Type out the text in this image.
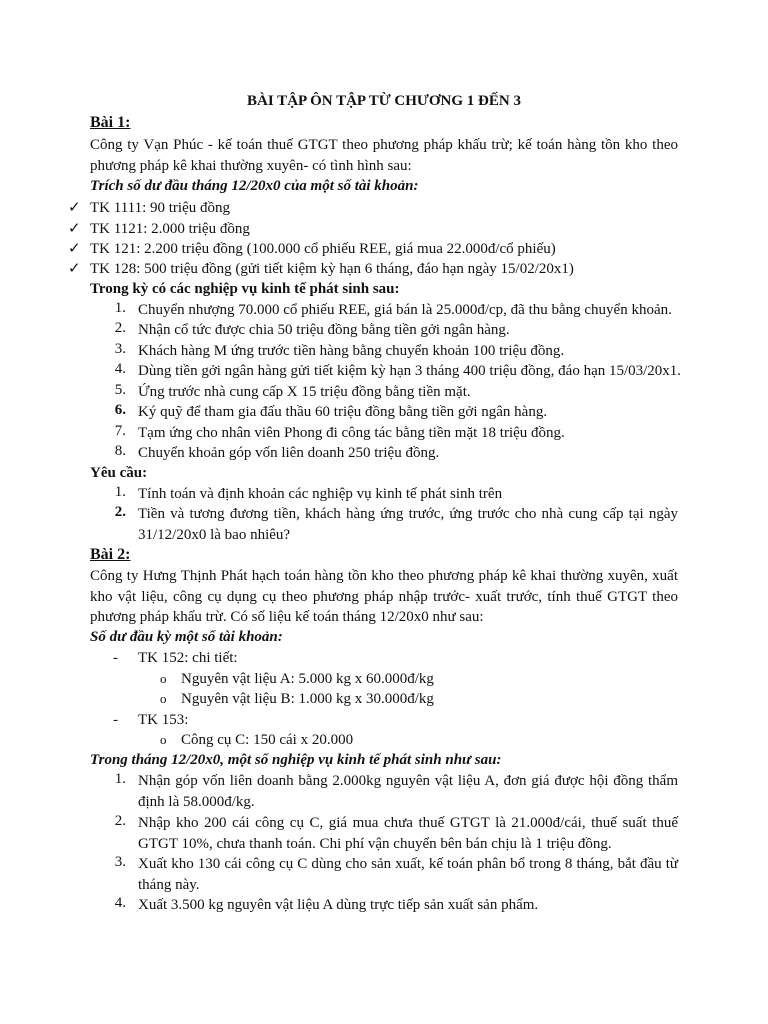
BÀI TẬP ÔN TẬP TỪ CHƯƠNG 1 ĐẾN 3
Bài 1:
Công ty Vạn Phúc - kế toán thuế GTGT theo phương pháp khấu trừ; kế toán hàng tồn kho theo phương pháp kê khai thường xuyên- có tình hình sau:
Trích số dư đầu tháng 12/20x0 của một số tài khoản:
✓ TK 1111: 90 triệu đồng
✓ TK 1121: 2.000 triệu đồng
✓ TK 121: 2.200 triệu đồng (100.000 cổ phiếu REE, giá mua 22.000đ/cổ phiếu)
✓ TK 128: 500 triệu đồng (gửi tiết kiệm kỳ hạn 6 tháng, đáo hạn ngày 15/02/20x1)
Trong kỳ có các nghiệp vụ kinh tế phát sinh sau:
1. Chuyển nhượng 70.000 cổ phiếu REE, giá bán là 25.000đ/cp, đã thu bằng chuyển khoản.
2. Nhận cổ tức được chia 50 triệu đồng bằng tiền gởi ngân hàng.
3. Khách hàng M ứng trước tiền hàng bằng chuyển khoản 100 triệu đồng.
4. Dùng tiền gởi ngân hàng gửi tiết kiệm kỳ hạn 3 tháng 400 triệu đồng, đáo hạn 15/03/20x1.
5. Ứng trước nhà cung cấp X 15 triệu đồng bằng tiền mặt.
6. Ký quỹ để tham gia đấu thầu 60 triệu đồng bằng tiền gởi ngân hàng.
7. Tạm ứng cho nhân viên Phong đi công tác bằng tiền mặt 18 triệu đồng.
8. Chuyển khoản góp vốn liên doanh 250 triệu đồng.
Yêu cầu:
1. Tính toán và định khoản các nghiệp vụ kinh tế phát sinh trên
2. Tiền và tương đương tiền, khách hàng ứng trước, ứng trước cho nhà cung cấp tại ngày 31/12/20x0 là bao nhiêu?
Bài 2:
Công ty Hưng Thịnh Phát hạch toán hàng tồn kho theo phương pháp kê khai thường xuyên, xuất kho vật liệu, công cụ dụng cụ theo phương pháp nhập trước- xuất trước, tính thuế GTGT theo phương pháp khấu trừ. Có số liệu kế toán tháng 12/20x0 như sau:
Số dư đầu kỳ một số tài khoản:
- TK 152: chi tiết:
o Nguyên vật liệu A: 5.000 kg x 60.000đ/kg
o Nguyên vật liệu B: 1.000 kg x 30.000đ/kg
- TK 153:
o Công cụ C: 150 cái x 20.000
Trong tháng 12/20x0, một số nghiệp vụ kinh tế phát sinh như sau:
1. Nhận góp vốn liên doanh bằng 2.000kg nguyên vật liệu A, đơn giá được hội đồng thẩm định là 58.000đ/kg.
2. Nhập kho 200 cái công cụ C, giá mua chưa thuế GTGT là 21.000đ/cái, thuế suất thuế GTGT 10%, chưa thanh toán. Chi phí vận chuyển bên bán chịu là 1 triệu đồng.
3. Xuất kho 130 cái công cụ C dùng cho sản xuất, kế toán phân bổ trong 8 tháng, bắt đầu từ tháng này.
4. Xuất 3.500 kg nguyên vật liệu A dùng trực tiếp sản xuất sản phẩm.
